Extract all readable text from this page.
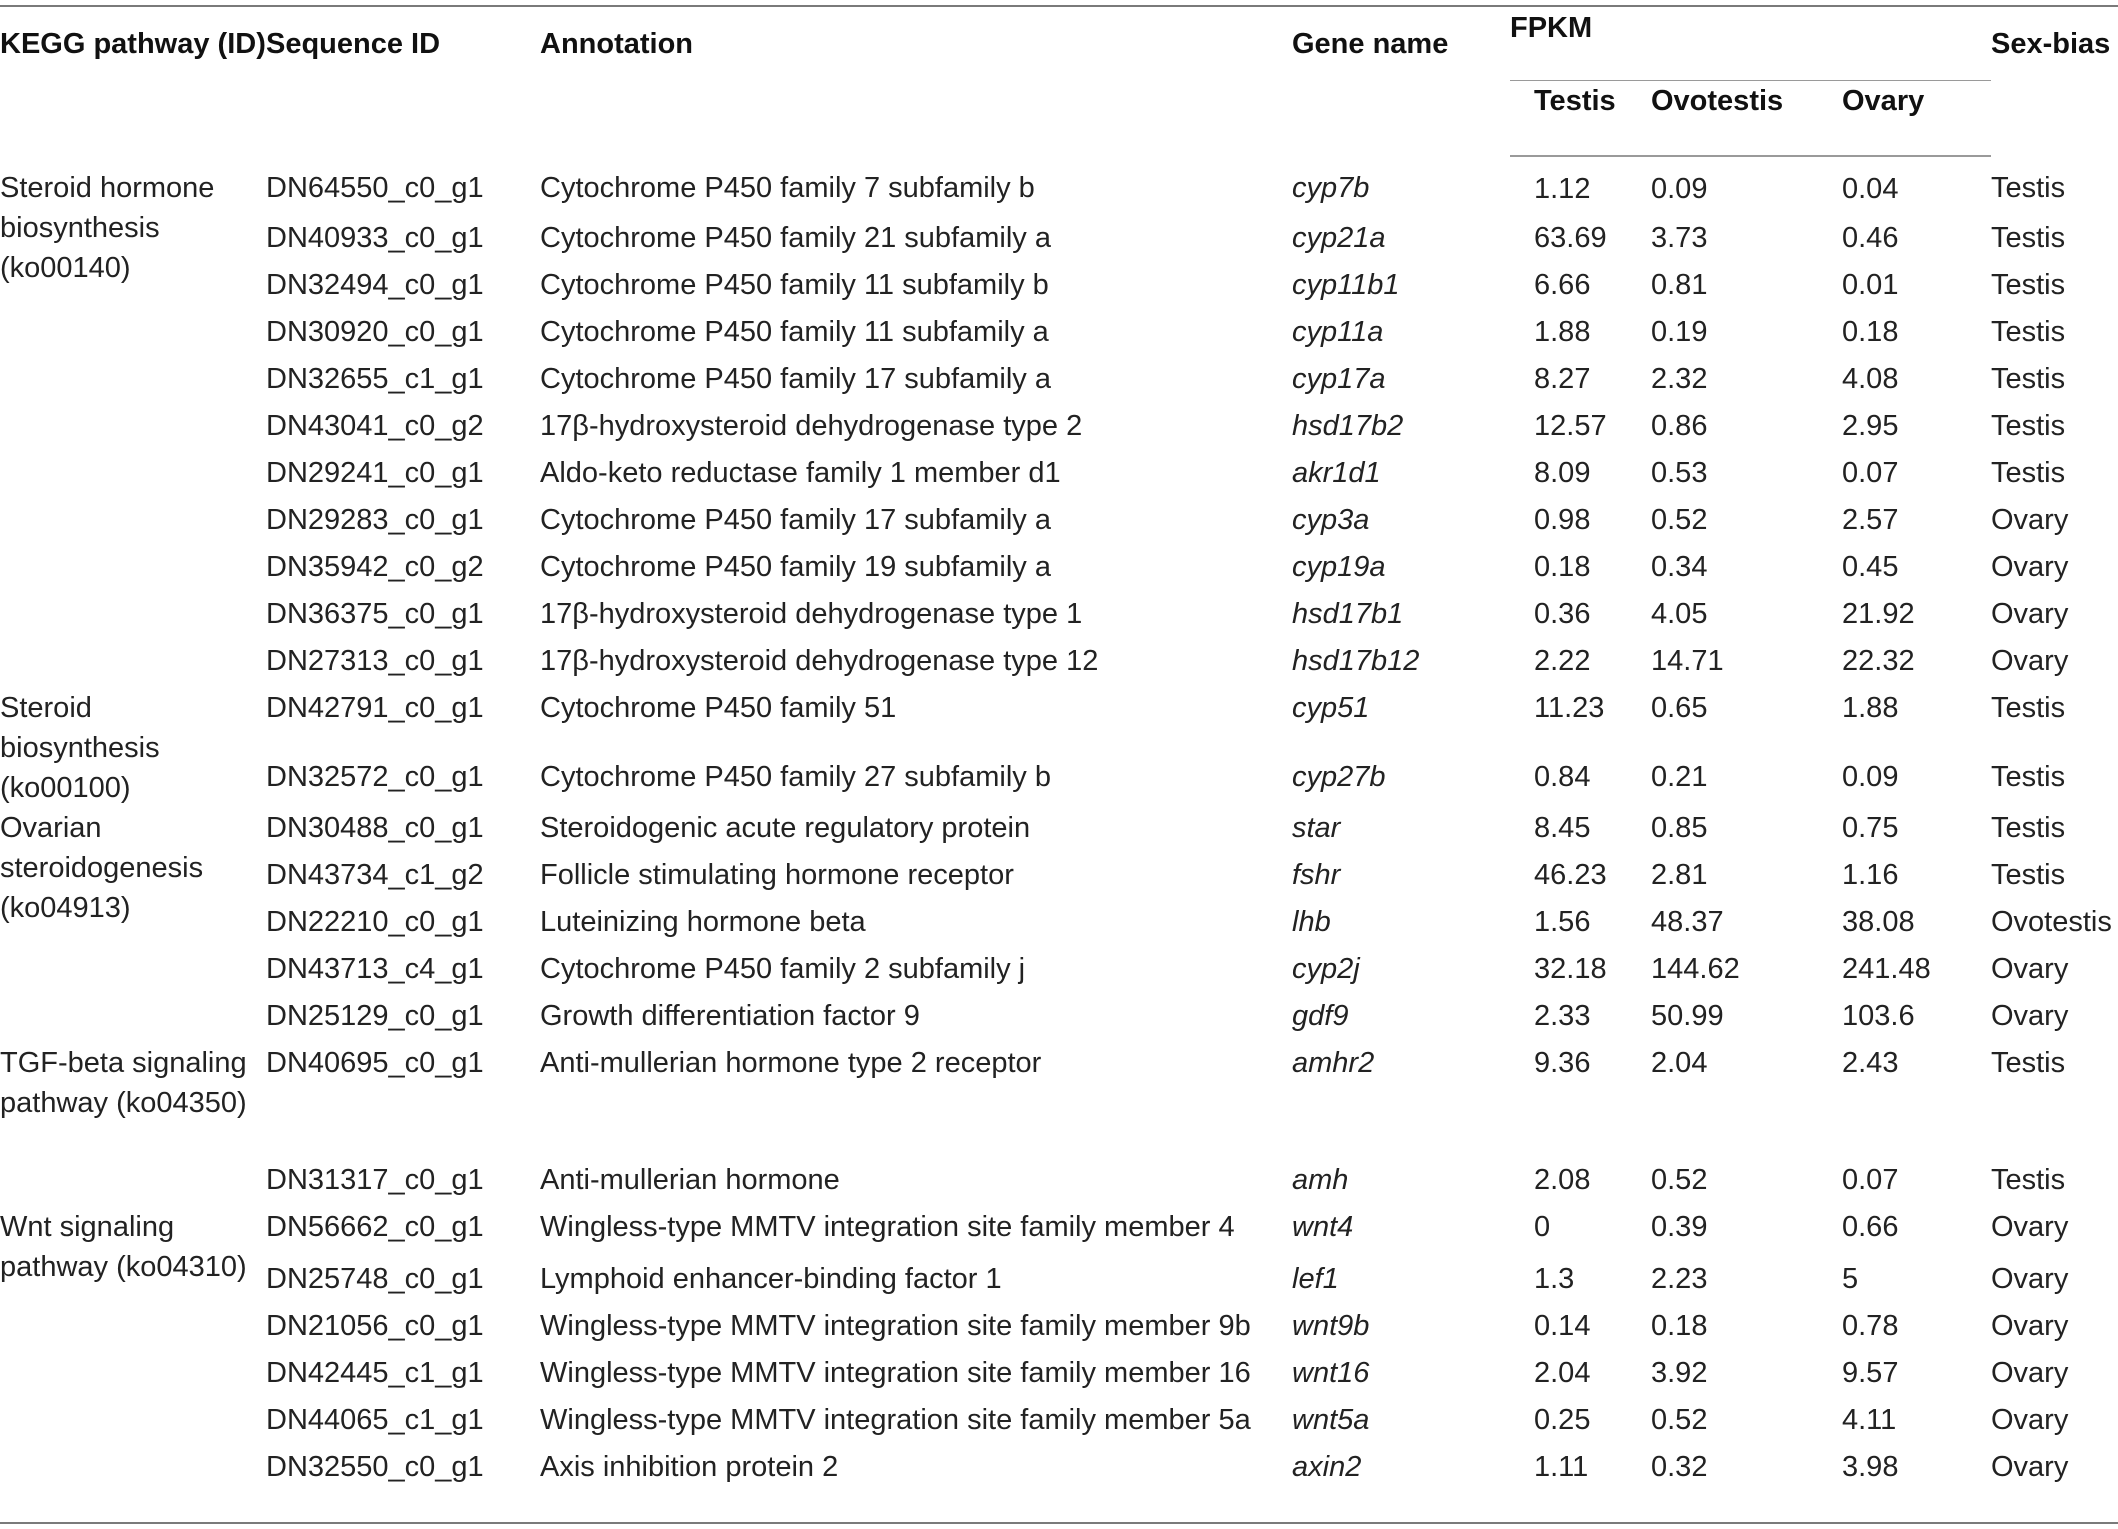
KEGG pathway (ID)	Sequence ID	Annotation	Gene name	FPKM			Sex-bias
				Testis	Ovotestis	Ovary	
Steroid hormone biosynthesis (ko00140)	DN64550_c0_g1	Cytochrome P450 family 7 subfamily b	cyp7b	1.12	0.09	0.04	Testis
	DN40933_c0_g1	Cytochrome P450 family 21 subfamily a	cyp21a	63.69	3.73	0.46	Testis
	DN32494_c0_g1	Cytochrome P450 family 11 subfamily b	cyp11b1	6.66	0.81	0.01	Testis
	DN30920_c0_g1	Cytochrome P450 family 11 subfamily a	cyp11a	1.88	0.19	0.18	Testis
	DN32655_c1_g1	Cytochrome P450 family 17 subfamily a	cyp17a	8.27	2.32	4.08	Testis
	DN43041_c0_g2	17β-hydroxysteroid dehydrogenase type 2	hsd17b2	12.57	0.86	2.95	Testis
	DN29241_c0_g1	Aldo-keto reductase family 1 member d1	akr1d1	8.09	0.53	0.07	Testis
	DN29283_c0_g1	Cytochrome P450 family 17 subfamily a	cyp3a	0.98	0.52	2.57	Ovary
	DN35942_c0_g2	Cytochrome P450 family 19 subfamily a	cyp19a	0.18	0.34	0.45	Ovary
	DN36375_c0_g1	17β-hydroxysteroid dehydrogenase type 1	hsd17b1	0.36	4.05	21.92	Ovary
	DN27313_c0_g1	17β-hydroxysteroid dehydrogenase type 12	hsd17b12	2.22	14.71	22.32	Ovary
Steroid biosynthesis (ko00100)	DN42791_c0_g1	Cytochrome P450 family 51	cyp51	11.23	0.65	1.88	Testis
	DN32572_c0_g1	Cytochrome P450 family 27 subfamily b	cyp27b	0.84	0.21	0.09	Testis
Ovarian steroidogenesis (ko04913)	DN30488_c0_g1	Steroidogenic acute regulatory protein	star	8.45	0.85	0.75	Testis
	DN43734_c1_g2	Follicle stimulating hormone receptor	fshr	46.23	2.81	1.16	Testis
	DN22210_c0_g1	Luteinizing hormone beta	lhb	1.56	48.37	38.08	Ovotestis
	DN43713_c4_g1	Cytochrome P450 family 2 subfamily j	cyp2j	32.18	144.62	241.48	Ovary
	DN25129_c0_g1	Growth differentiation factor 9	gdf9	2.33	50.99	103.6	Ovary
TGF-beta signaling pathway (ko04350)	DN40695_c0_g1	Anti-mullerian hormone type 2 receptor	amhr2	9.36	2.04	2.43	Testis
	DN31317_c0_g1	Anti-mullerian hormone	amh	2.08	0.52	0.07	Testis
Wnt signaling pathway (ko04310)	DN56662_c0_g1	Wingless-type MMTV integration site family member 4	wnt4	0	0.39	0.66	Ovary
	DN25748_c0_g1	Lymphoid enhancer-binding factor 1	lef1	1.3	2.23	5	Ovary
	DN21056_c0_g1	Wingless-type MMTV integration site family member 9b	wnt9b	0.14	0.18	0.78	Ovary
	DN42445_c1_g1	Wingless-type MMTV integration site family member 16	wnt16	2.04	3.92	9.57	Ovary
	DN44065_c1_g1	Wingless-type MMTV integration site family member 5a	wnt5a	0.25	0.52	4.11	Ovary
	DN32550_c0_g1	Axis inhibition protein 2	axin2	1.11	0.32	3.98	Ovary
